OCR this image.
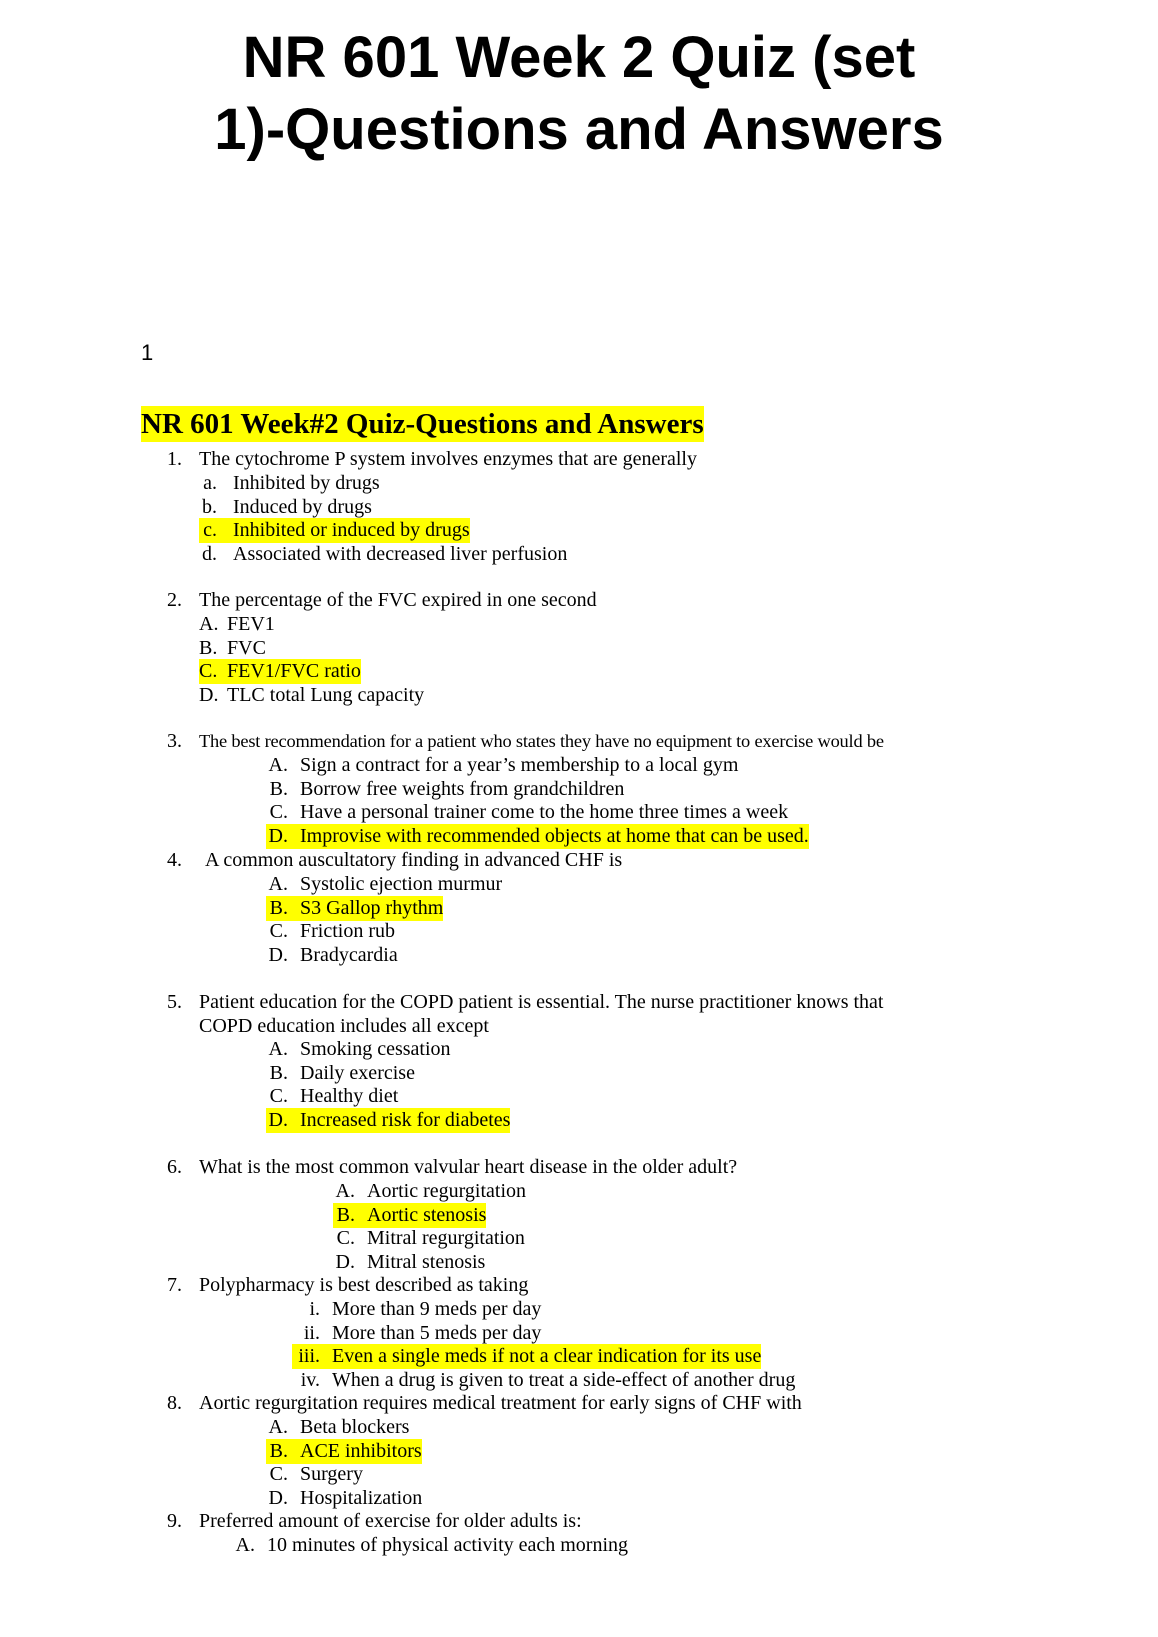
NR 601 Week 2 Quiz (set
1)-Questions and Answers
1
NR 601 Week#2 Quiz-Questions and Answers
1. The cytochrome P system involves enzymes that are generally
a. Inhibited by drugs
b. Induced by drugs
c. Inhibited or induced by drugs
d. Associated with decreased liver perfusion
2. The percentage of the FVC expired in one second
A. FEV1
B. FVC
C. FEV1/FVC ratio
D. TLC total Lung capacity
3. The best recommendation for a patient who states they have no equipment to exercise would be
A. Sign a contract for a year’s membership to a local gym
B. Borrow free weights from grandchildren
C. Have a personal trainer come to the home three times a week
D. Improvise with recommended objects at home that can be used.
4. A common auscultatory finding in advanced CHF is
A. Systolic ejection murmur
B. S3 Gallop rhythm
C. Friction rub
D. Bradycardia
5. Patient education for the COPD patient is essential. The nurse practitioner knows that
COPD education includes all except
A. Smoking cessation
B. Daily exercise
C. Healthy diet
D. Increased risk for diabetes
6. What is the most common valvular heart disease in the older adult?
A. Aortic regurgitation
B. Aortic stenosis
C. Mitral regurgitation
D. Mitral stenosis
7. Polypharmacy is best described as taking
i. More than 9 meds per day
ii. More than 5 meds per day
iii. Even a single meds if not a clear indication for its use
iv. When a drug is given to treat a side-effect of another drug
8. Aortic regurgitation requires medical treatment for early signs of CHF with
A. Beta blockers
B. ACE inhibitors
C. Surgery
D. Hospitalization
9. Preferred amount of exercise for older adults is:
A. 10 minutes of physical activity each morning
